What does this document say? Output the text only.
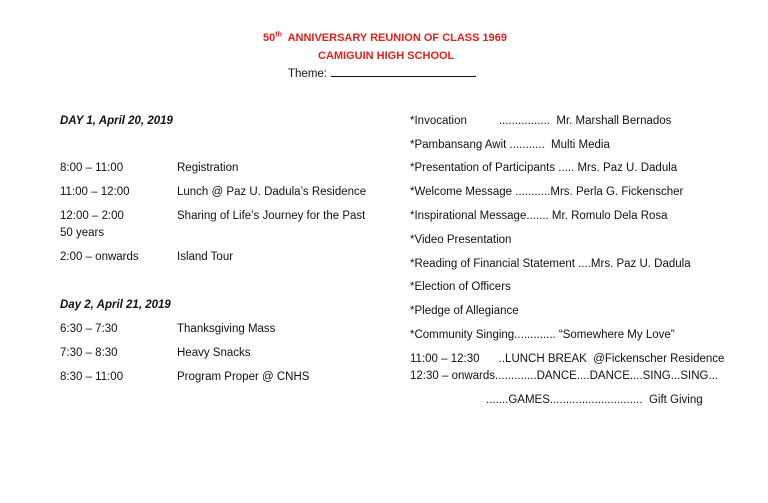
50th  ANNIVERSARY REUNION OF CLASS 1969
CAMIGUIN HIGH SCHOOL
Theme:
DAY 1, April 20, 2019
8:00 – 11:00	Registration
11:00 – 12:00	Lunch @ Paz U. Dadula’s Residence
12:00 – 2:00	Sharing of Life’s Journey for the Past
50 years
2:00 – onwards	Island Tour
Day 2, April 21, 2019
6:30 – 7:30	Thanksgiving Mass
7:30 – 8:30	Heavy Snacks
8:30 – 11:00	Program Proper @ CNHS
*Invocation          ................  Mr. Marshall Bernados
*Pambansang Awit ...........  Multi Media
*Presentation of Participants ..... Mrs. Paz U. Dadula
*Welcome Message ...........Mrs. Perla G. Fickenscher
*Inspirational Message....... Mr. Romulo Dela Rosa
*Video Presentation
*Reading of Financial Statement ....Mrs. Paz U. Dadula
*Election of Officers
*Pledge of Allegiance
*Community Singing............. “Somewhere My Love”
11:00 – 12:30      ..LUNCH BREAK  @Fickenscher Residence
12:30 – onwards.............DANCE....DANCE....SING...SING...
.......GAMES.............................  Gift Giving
